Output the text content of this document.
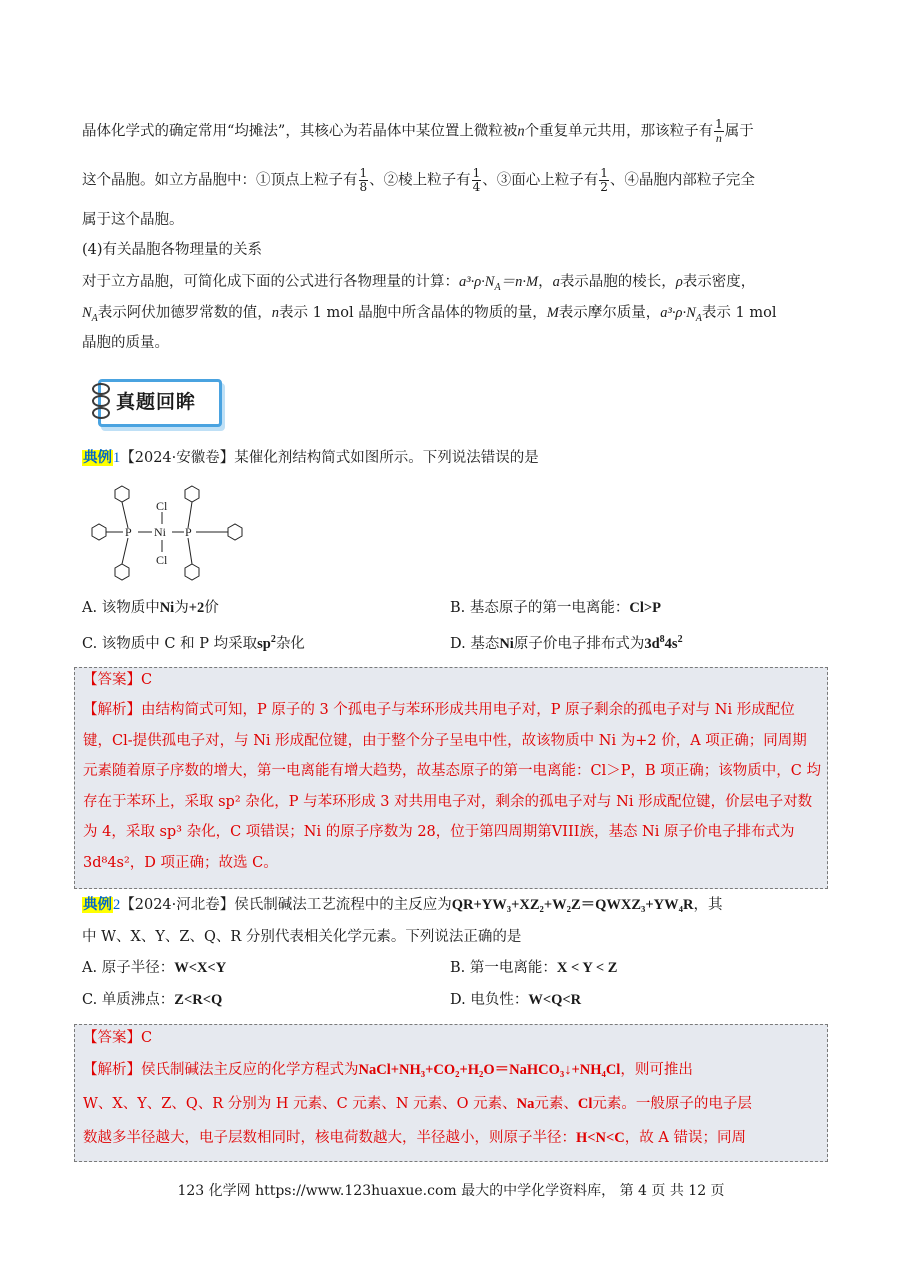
晶体化学式的确定常用“均摊法”，其核心为若晶体中某位置上微粒被n个重复单元共用，那该粒子有 $\frac{1}{n}$ 属于
这个晶胞。如立方晶胞中：①顶点上粒子有 $\frac{1}{8}$ 、②棱上粒子有 $\frac{1}{4}$ 、③面心上粒子有 $\frac{1}{2}$ 、④晶胞内部粒子完全
属于这个晶胞。
(4)有关晶胞各物理量的关系
对于立方晶胞，可简化成下面的公式进行各物理量的计算：$a^3\cdot\rho\cdot N_A=n\cdot M$，a表示晶胞的棱长，ρ表示密度，
$N_A$表示阿伏加德罗常数的值，n表示 1 mol 晶胞中所含晶体的物质的量，M表示摩尔质量，$a^3\cdot\rho\cdot N_A$表示 1 mol
晶胞的质量。
真题回眸
典例1【2024·安徽卷】某催化剂结构简式如图所示。下列说法错误的是
P Ni P
Cl
Cl
A. 该物质中Ni为+2价	B. 基态原子的第一电离能：Cl>P
C. 该物质中 C 和 P 均采取$sp^2$杂化	D. 基态Ni原子价电子排布式为$3d^84s^2$

【答案】C

【解析】由结构简式可知，P 原子的 3 个孤电子与苯环形成共用电子对，P 原子剩余的孤电子对与 Ni 形成配位键，Cl-提供孤电子对，与 Ni 形成配位键，由于整个分子呈电中性，故该物质中 Ni 为+2 价，A 项正确；同周期元素随着原子序数的增大，第一电离能有增大趋势，故基态原子的第一电离能：Cl＞P，B 项正确；该物质中，C 均存在于苯环上，采取 sp² 杂化，P 与苯环形成 3 对共用电子对，剩余的孤电子对与 Ni 形成配位键，价层电子对数为 4，采取 sp³ 杂化，C 项错误；Ni 的原子序数为 28，位于第四周期第VIII族，基态 Ni 原子价电子排布式为 3d⁸4s²，D 项正确；故选 C。

典例2【2024·河北卷】侯氏制碱法工艺流程中的主反应为QR+YW₃+XZ₂+W₂Z＝QWXZ₃+YW₄R，其
中 W、X、Y、Z、Q、R 分别代表相关化学元素。下列说法正确的是
A. 原子半径：W<X<Y	B. 第一电离能：X < Y < Z
C. 单质沸点：Z<R<Q	D. 电负性：W<Q<R

【答案】C

【解析】侯氏制碱法主反应的化学方程式为NaCl+NH₃+CO₂+H₂O＝NaHCO₃↓+NH₄Cl，则可推出

W、X、Y、Z、Q、R 分别为 H 元素、C 元素、N 元素、O 元素、Na元素、Cl元素。一般原子的电子层

数越多半径越大，电子层数相同时，核电荷数越大，半径越小，则原子半径：H<N<C，故 A 错误；同周

123 化学网 https://www.123huaxue.com 最大的中学化学资料库， 第 4 页 共 12 页
